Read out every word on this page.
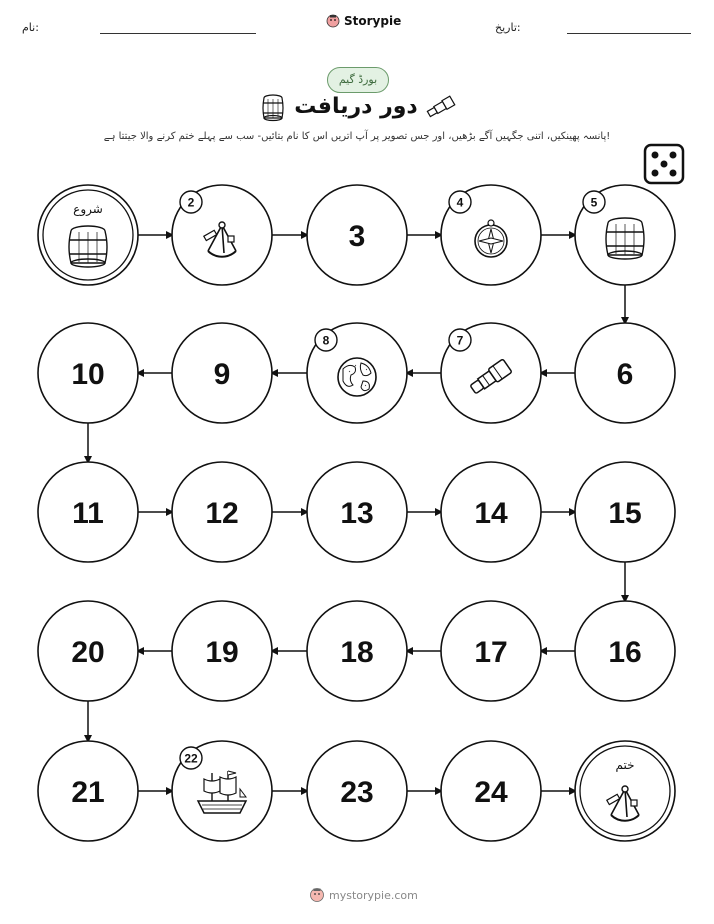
نام:	Storypie	تاریخ:
بورڈ گیم
دور دریافت
پانسہ پھینکیں، اتنی جگہیں آگے بڑھیں، اور جس تصویر پر آپ اتریں اس کا نام بتائیں- سب سے پہلے ختم کرنے والا جیتتا ہے!
شروع	2
3
4	5
6
7
8
9
10
11	12	13	14	15
16
17
18
19
20
21
22
23	24
ختم
mystorypie.com
